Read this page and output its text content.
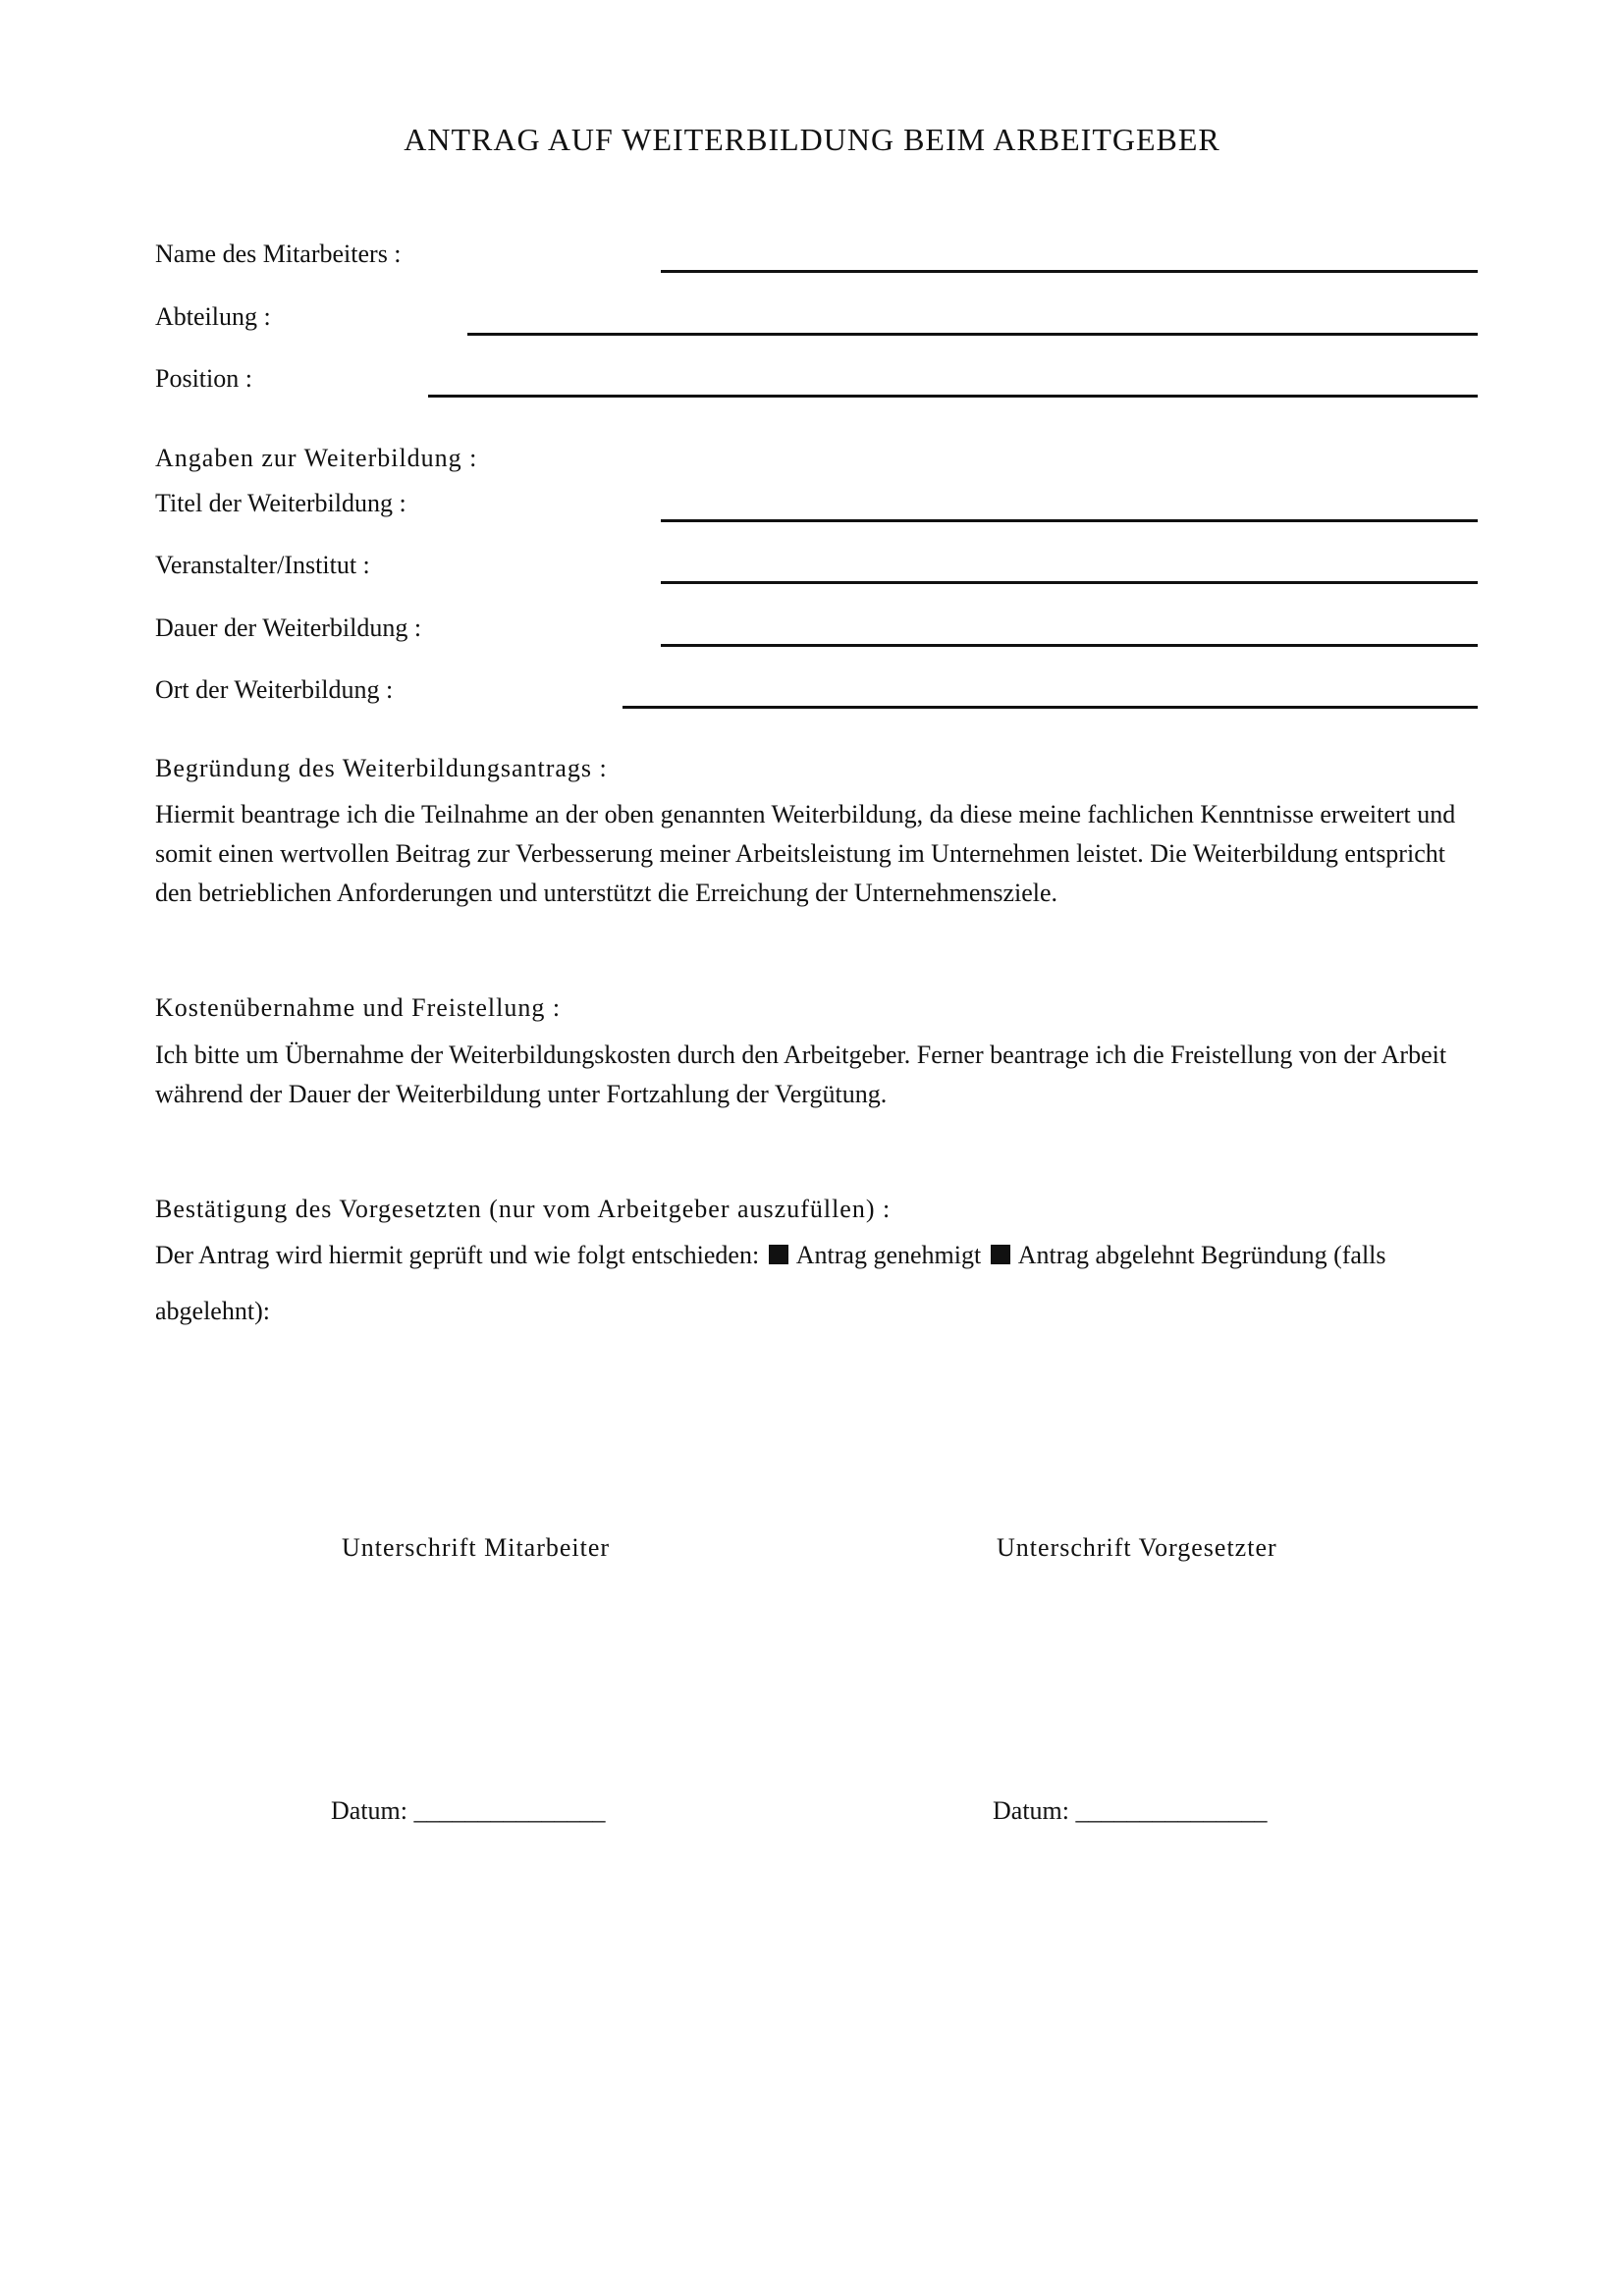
ANTRAG AUF WEITERBILDUNG BEIM ARBEITGEBER
Name des Mitarbeiters :
Abteilung :
Position :
Angaben zur Weiterbildung :
Titel der Weiterbildung :
Veranstalter/Institut :
Dauer der Weiterbildung :
Ort der Weiterbildung :
Begründung des Weiterbildungsantrags :
Hiermit beantrage ich die Teilnahme an der oben genannten Weiterbildung, da diese meine fachlichen Kenntnisse erweitert und somit einen wertvollen Beitrag zur Verbesserung meiner Arbeitsleistung im Unternehmen leistet. Die Weiterbildung entspricht den betrieblichen Anforderungen und unterstützt die Erreichung der Unternehmensziele.
Kostenübernahme und Freistellung :
Ich bitte um Übernahme der Weiterbildungskosten durch den Arbeitgeber. Ferner beantrage ich die Freistellung von der Arbeit während der Dauer der Weiterbildung unter Fortzahlung der Vergütung.
Bestätigung des Vorgesetzten (nur vom Arbeitgeber auszufüllen) :
Der Antrag wird hiermit geprüft und wie folgt entschieden: Antrag genehmigt Antrag abgelehnt Begründung (falls
abgelehnt):
Unterschrift Mitarbeiter	Unterschrift Vorgesetzter
Datum: _______________	Datum: _______________
